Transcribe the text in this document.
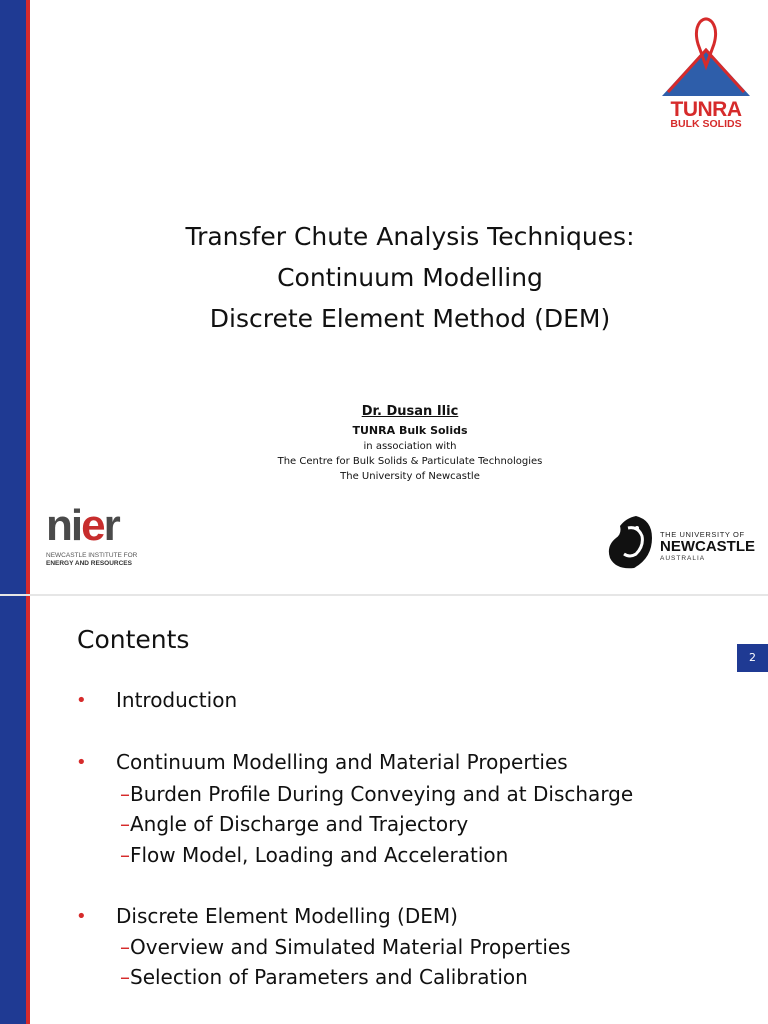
TUNRA
BULK SOLIDS
Transfer Chute Analysis Techniques:
Continuum Modelling
Discrete Element Method (DEM)
Dr. Dusan Ilic
TUNRA Bulk Solids
in association with
The Centre for Bulk Solids & Particulate Technologies
The University of Newcastle
nier
NEWCASTLE INSTITUTE FOR
ENERGY AND RESOURCES
THE UNIVERSITY OF
NEWCASTLE
AUSTRALIA
Contents
2
• Introduction
• Continuum Modelling and Material Properties
–Burden Profile During Conveying and at Discharge
–Angle of Discharge and Trajectory
–Flow Model, Loading and Acceleration
• Discrete Element Modelling (DEM)
–Overview and Simulated Material Properties
–Selection of Parameters and Calibration
